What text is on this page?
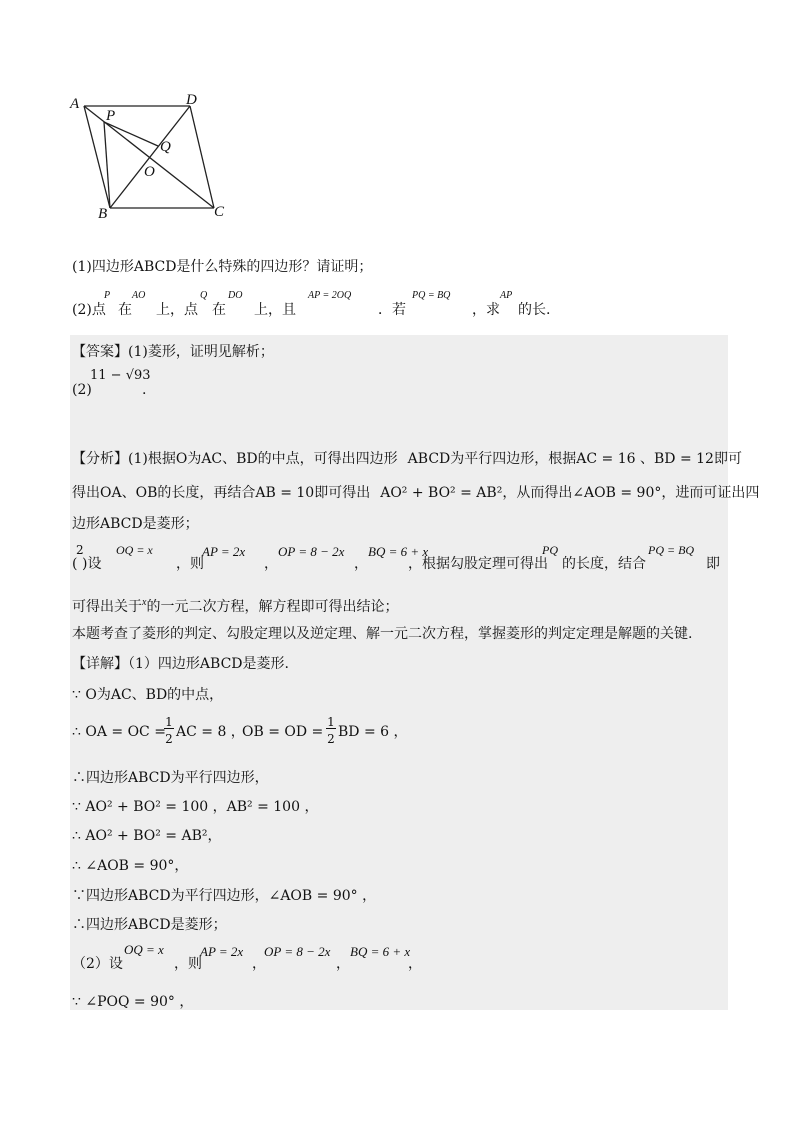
A	D
P
Q
O
B	C
(1)四边形ABCD是什么特殊的四边形？请证明；
(2)点
P
在
AO
上，点
Q
在
DO
上，且
AP = 2OQ
．若
PQ = BQ
，求
AP
的长.
【答案】(1)菱形，证明见解析；
(2)
11 − √93
.
【分析】(1)根据O为AC、BD的中点，可得出四边形 ABCD为平行四边形，根据AC = 16 、BD = 12即可
得出OA、OB的长度，再结合AB = 10即可得出 AO² + BO² = AB²，从而得出∠AOB = 90°，进而可证出四
边形ABCD是菱形；
2
( )设
OQ = x
，则
AP = 2x
，
OP = 8 − 2x
，
BQ = 6 + x
，根据勾股定理可得出
PQ
的长度，结合
PQ = BQ
即
可得出关于$^x$的一元二次方程，解方程即可得出结论；
本题考查了菱形的判定、勾股定理以及逆定理、解一元二次方程，掌握菱形的判定定理是解题的关键.
【详解】（1）四边形ABCD是菱形.
∵ O为AC、BD的中点，
∴ OA = OC =
1
2 AC = 8 ，
OB = OD =
1
2 BD = 6 ，
∴四边形ABCD为平行四边形，
∵ AO² + BO² = 100 ，AB² = 100 ，
∴ AO² + BO² = AB²，
∴ ∠AOB = 90°，
∵四边形ABCD为平行四边形，∠AOB = 90° ，
∴四边形ABCD是菱形；
（2）设
OQ = x
，则
AP = 2x
，
OP = 8 − 2x
，
BQ = 6 + x
，
∵ ∠POQ = 90° ，
